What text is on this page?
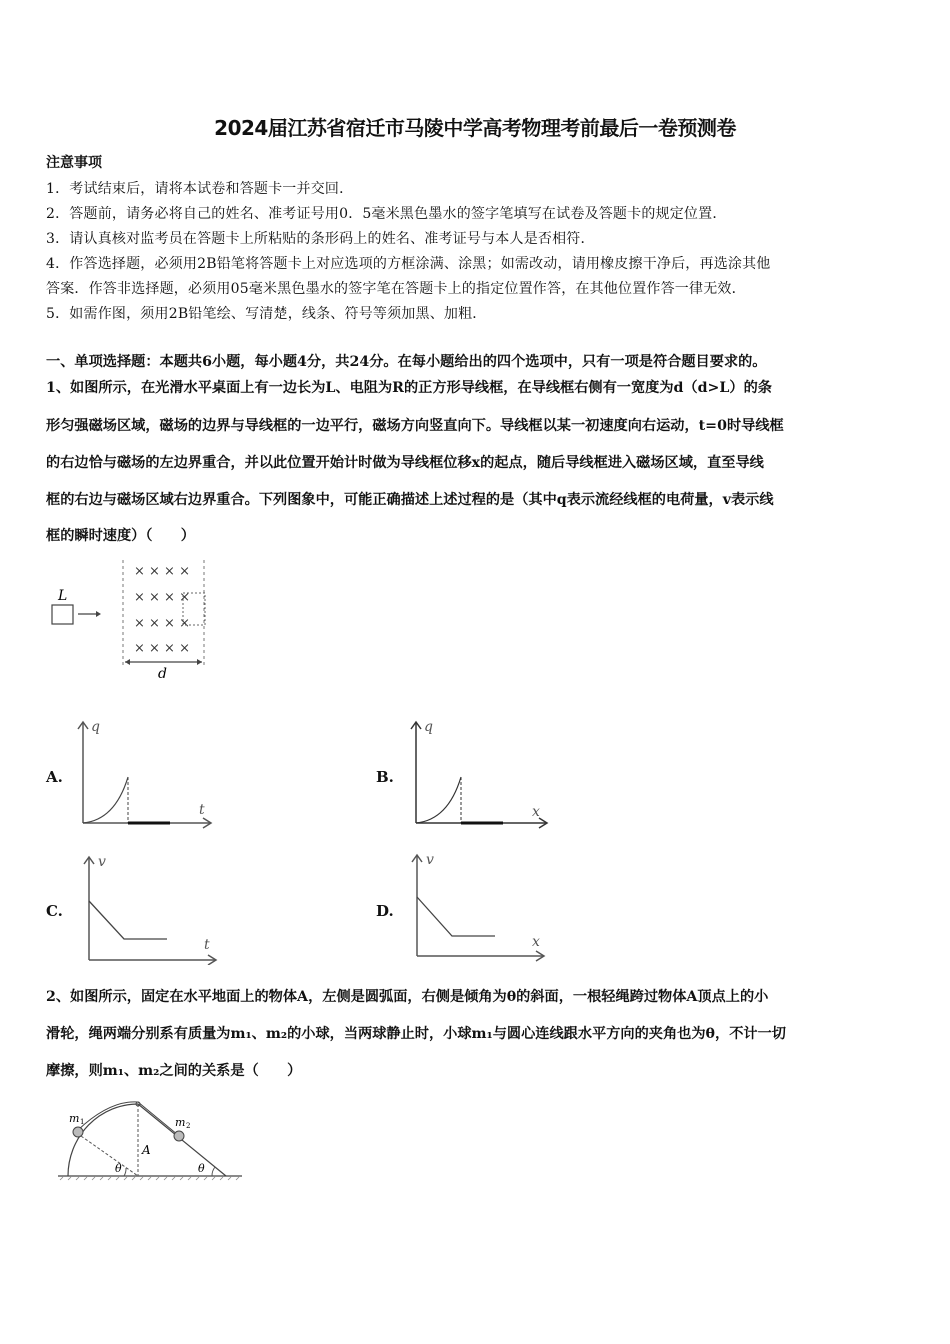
2024届江苏省宿迁市马陵中学高考物理考前最后一卷预测卷
注意事项
1．考试结束后，请将本试卷和答题卡一并交回．
2．答题前，请务必将自己的姓名、准考证号用0．5毫米黑色墨水的签字笔填写在试卷及答题卡的规定位置．
3．请认真核对监考员在答题卡上所粘贴的条形码上的姓名、准考证号与本人是否相符．
4．作答选择题，必须用2B铅笔将答题卡上对应选项的方框涂满、涂黑；如需改动，请用橡皮擦干净后，再选涂其他
答案．作答非选择题，必须用05毫米黑色墨水的签字笔在答题卡上的指定位置作答，在其他位置作答一律无效．
5．如需作图，须用2B铅笔绘、写清楚，线条、符号等须加黑、加粗．
一、单项选择题：本题共6小题，每小题4分，共24分。在每小题给出的四个选项中，只有一项是符合题目要求的。
1、如图所示，在光滑水平桌面上有一边长为L、电阻为R的正方形导线框，在导线框右侧有一宽度为d（d>L）的条
形匀强磁场区域，磁场的边界与导线框的一边平行，磁场方向竖直向下。导线框以某一初速度向右运动，t=0时导线框
的右边恰与磁场的左边界重合，并以此位置开始计时做为导线框位移x的起点，随后导线框进入磁场区域，直至导线
框的右边与磁场区域右边界重合。下列图象中，可能正确描述上述过程的是（其中q表示流经线框的电荷量，v表示线
框的瞬时速度）（　　）
L
× × × ×
× × × ×
× × × ×
× × × ×
d
A.
q
t
B.
q
x
C.
v
t
D.
v
x
2、如图所示，固定在水平地面上的物体A，左侧是圆弧面，右侧是倾角为θ的斜面，一根轻绳跨过物体A顶点上的小
滑轮，绳两端分别系有质量为m₁、m₂的小球，当两球静止时，小球m₁与圆心连线跟水平方向的夹角也为θ，不计一切
摩擦，则m₁、m₂之间的关系是（　　）
m 1	m 2
A
θ	θ
